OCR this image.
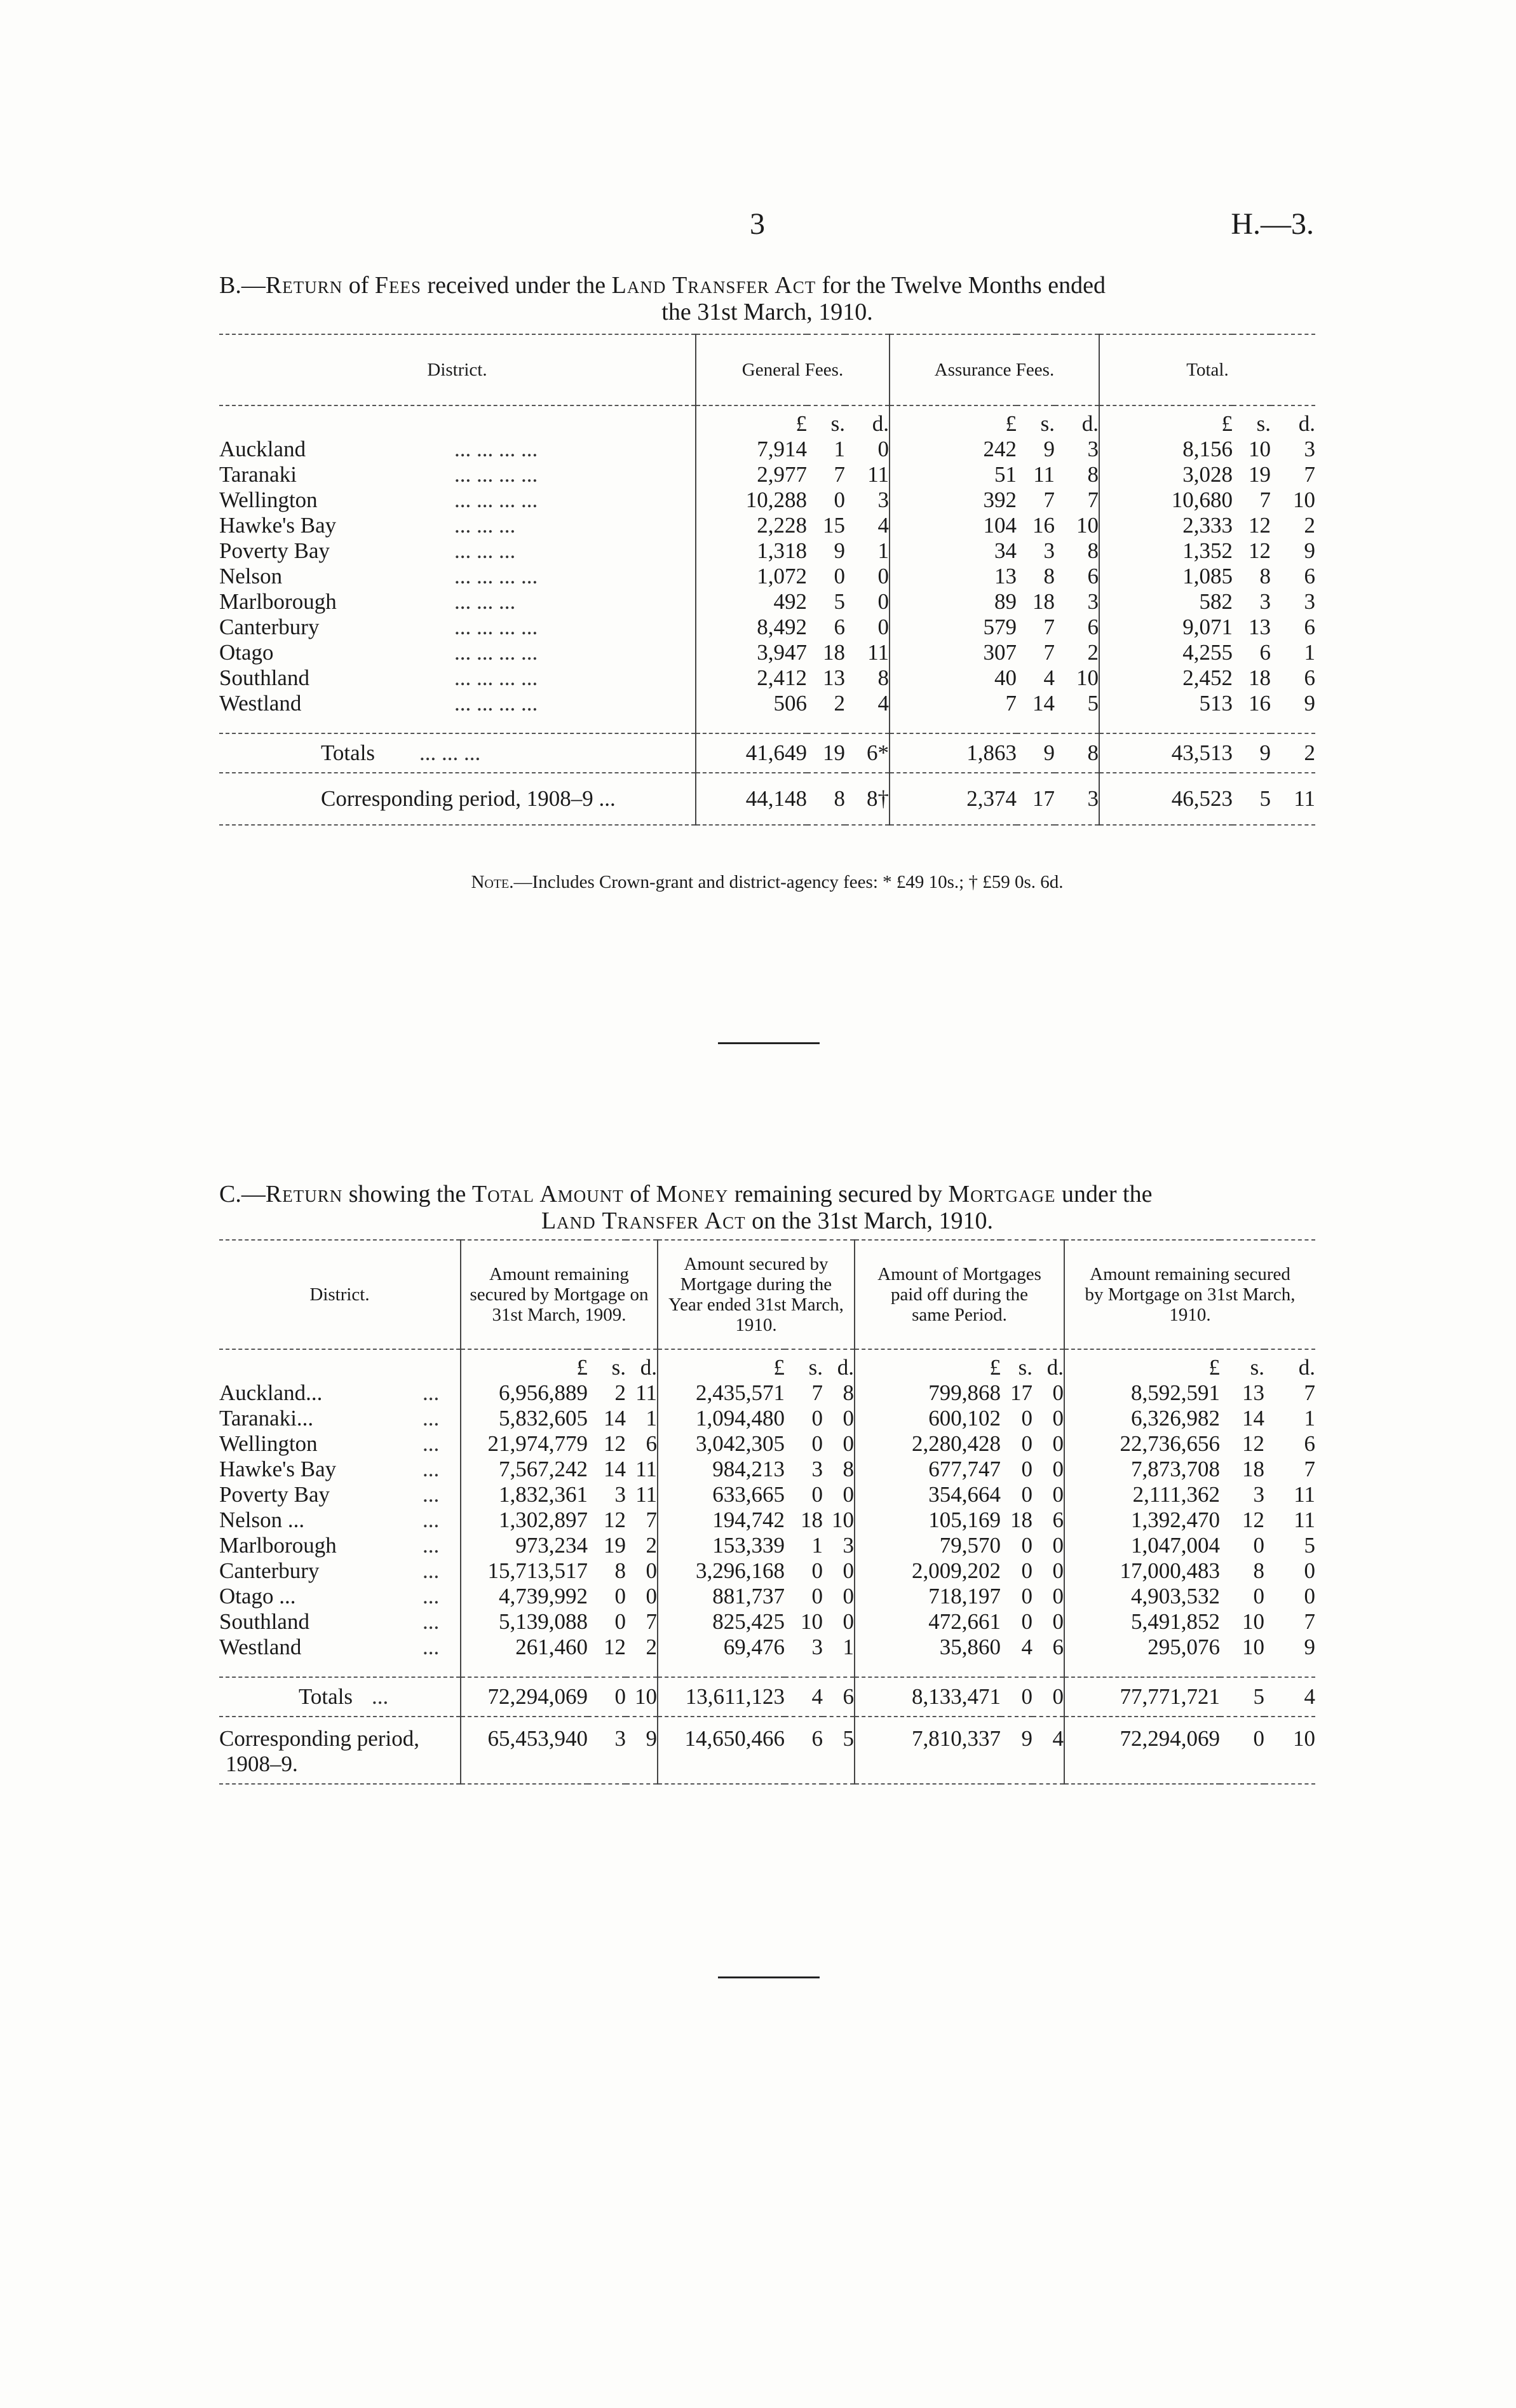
3	H.—3.
B.—Return of Fees received under the Land Transfer Act for the Twelve Months ended
the 31st March, 1910.
District.	General Fees.			Assurance Fees.			Total.		
	£	s.	d.	£	s.	d.	£	s.	d.
Auckland ... ... ... ...	7,914	1	0	242	9	3	8,156	10	3
Taranaki ... ... ... ...	2,977	7	11	51	11	8	3,028	19	7
Wellington ... ... ... ...	10,288	0	3	392	7	7	10,680	7	10
Hawke's Bay ... ... ...	2,228	15	4	104	16	10	2,333	12	2
Poverty Bay ... ... ...	1,318	9	1	34	3	8	1,352	12	9
Nelson ... ... ... ...	1,072	0	0	13	8	6	1,085	8	6
Marlborough ... ... ...	492	5	0	89	18	3	582	3	3
Canterbury ... ... ... ...	8,492	6	0	579	7	6	9,071	13	6
Otago ... ... ... ...	3,947	18	11	307	7	2	4,255	6	1
Southland ... ... ... ...	2,412	13	8	40	4	10	2,452	18	6
Westland ... ... ... ...	506	2	4	7	14	5	513	16	9

Totals ... ... ...	41,649	19	6*	1,863	9	8	43,513	9	2
Corresponding period, 1908–9 ...	44,148	8	8†	2,374	17	3	46,523	5	11

Note.—Includes Crown-grant and district-agency fees: * £49 10s.; † £59 0s. 6d.
C.—Return showing the Total Amount of Money remaining secured by Mortgage under the
Land Transfer Act on the 31st March, 1910.
District.	Amount remaining secured by Mortgage on 31st March, 1909.			Amount secured by Mortgage during the Year ended 31st March, 1910.			Amount of Mortgages paid off during the same Period.			Amount remaining secured by Mortgage on 31st March, 1910.		
	£	s.	d.	£	s.	d.	£	s.	d.	£	s.	d.
Auckland... ...	6,956,889	2	11	2,435,571	7	8	799,868	17	0	8,592,591	13	7
Taranaki... ...	5,832,605	14	1	1,094,480	0	0	600,102	0	0	6,326,982	14	1
Wellington ...	21,974,779	12	6	3,042,305	0	0	2,280,428	0	0	22,736,656	12	6
Hawke's Bay ...	7,567,242	14	11	984,213	3	8	677,747	0	0	7,873,708	18	7
Poverty Bay ...	1,832,361	3	11	633,665	0	0	354,664	0	0	2,111,362	3	11
Nelson ... ...	1,302,897	12	7	194,742	18	10	105,169	18	6	1,392,470	12	11
Marlborough ...	973,234	19	2	153,339	1	3	79,570	0	0	1,047,004	0	5
Canterbury ...	15,713,517	8	0	3,296,168	0	0	2,009,202	0	0	17,000,483	8	0
Otago ... ...	4,739,992	0	0	881,737	0	0	718,197	0	0	4,903,532	0	0
Southland ...	5,139,088	0	7	825,425	10	0	472,661	0	0	5,491,852	10	7
Westland ...	261,460	12	2	69,476	3	1	35,860	4	6	295,076	10	9

Totals ...	72,294,069	0	10	13,611,123	4	6	8,133,471	0	0	77,771,721	5	4

Corresponding period,
1908–9.	65,453,940	3	9	14,650,466	6	5	7,810,337	9	4	72,294,069	0	10
